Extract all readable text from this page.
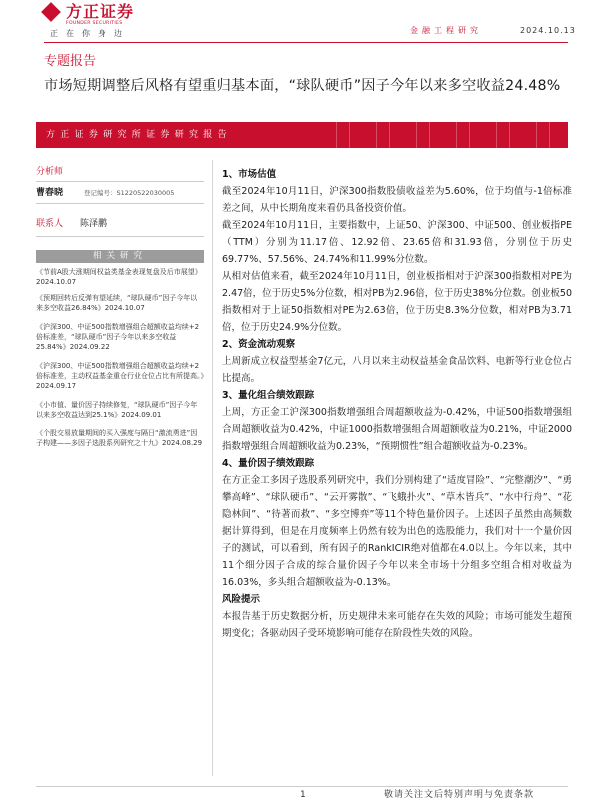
方正证券
FOUNDER SECURITIES
正在你身边	金融工程研究	2024.10.13
专题报告
市场短期调整后风格有望重归基本面，“球队硬币”因子今年以来多空收益24.48%
方正证券研究所证券研究报告
分析师
曹春晓	登记编号：S1220522030005
联系人 陈泽鹏
相关研究
《节前A股大涨期间权益类基金表现复盘及后市展望》2024.10.07
《预期回转后反弹有望延续，“球队硬币”因子今年以来多空收益26.84%》2024.10.07
《沪深300、中证500指数增强组合超额收益均续+2倍标准差，“球队硬币”因子今年以来多空收益25.84%》2024.09.22
《沪深300、中证500指数增强组合超额收益均续+2倍标准差，主动权益基金重仓行业仓位占比有所提高。》2024.09.17
《小市值、量价因子持续修复，“球队硬币”因子今年以来多空收益达到25.1%》2024.09.01
《个股交易放量期间的买入强度与隔日“激流勇进”因子构建——多因子选股系列研究之十九》2024.08.29
1、市场估值
截至2024年10月11日，沪深300指数股债收益差为5.60%，位于均值与-1倍标准差之间，从中长期角度来看仍具备投资价值。
截至2024年10月11日，主要指数中，上证50、沪深300、中证500、创业板指PE（TTM）分别为11.17倍、12.92倍、23.65倍和31.93倍，分别位于历史69.77%、57.56%、24.74%和11.99%分位数。
从相对估值来看，截至2024年10月11日，创业板指相对于沪深300指数相对PE为2.47倍，位于历史5%分位数，相对PB为2.96倍，位于历史38%分位数。创业板50指数相对于上证50指数相对PE为2.63倍，位于历史8.3%分位数，相对PB为3.71倍，位于历史24.9%分位数。
2、资金流动观察
上周新成立权益型基金7亿元，八月以来主动权益基金食品饮料、电新等行业仓位占比提高。
3、量化组合绩效跟踪
上周，方正金工沪深300指数增强组合周超额收益为-0.42%，中证500指数增强组合周超额收益为0.42%，中证1000指数增强组合周超额收益为0.21%，中证2000指数增强组合周超额收益为0.23%，“预期惯性”组合超额收益为-0.23%。
4、量价因子绩效跟踪
在方正金工多因子选股系列研究中，我们分别构建了“适度冒险”、“完整潮汐”、“勇攀高峰”、“球队硬币”、“云开雾散”、“飞蛾扑火”、“草木皆兵”、“水中行舟”、“花隐林间”、“待著而救”、“多空博弈”等11个特色量价因子。上述因子虽然由高频数据计算得到，但是在月度频率上仍然有较为出色的选股能力，我们对十一个量价因子的测试，可以看到，所有因子的RankICIR绝对值都在4.0以上。今年以来，其中11个细分因子合成的综合量价因子今年以来全市场十分组多空组合相对收益为16.03%，多头组合超额收益为-0.13%。
风险提示
本报告基于历史数据分析，历史规律未来可能存在失效的风险；市场可能发生超预期变化；各驱动因子受环境影响可能存在阶段性失效的风险。
1	敬请关注文后特别声明与免责条款
